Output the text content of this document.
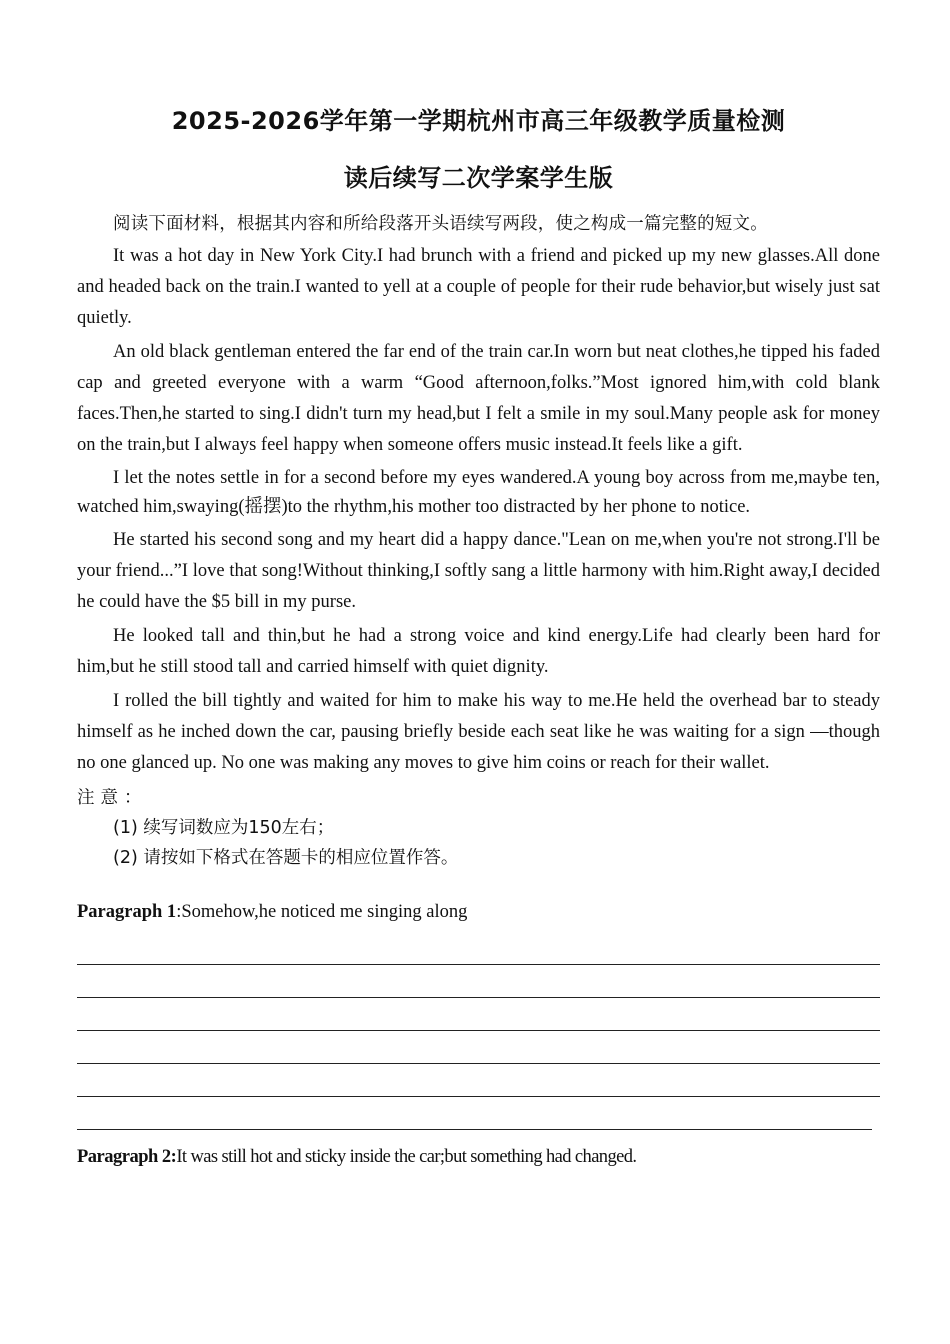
2025-2026学年第一学期杭州市高三年级教学质量检测
读后续写二次学案学生版
阅读下面材料，根据其内容和所给段落开头语续写两段，使之构成一篇完整的短文。

It was a hot day in New York City.I had brunch with a friend and picked up my new glasses.All done and headed back on the train.I wanted to yell at a couple of people for their rude behavior,but wisely just sat quietly.

An old black gentleman entered the far end of the train car.In worn but neat clothes,he tipped his faded cap and greeted everyone with a warm “Good afternoon,folks.”Most ignored him,with cold blank faces.Then,he started to sing.I didn't turn my head,but I felt a smile in my soul.Many people ask for money on the train,but I always feel happy when someone offers music instead.It feels like a gift.

I let the notes settle in for a second before my eyes wandered.A young boy across from me,maybe ten, watched him,swaying(摇摆)to the rhythm,his mother too distracted by her phone to notice.

He started his second song and my heart did a happy dance."Lean on me,when you're not strong.I'll be your friend...”I love that song!Without thinking,I softly sang a little harmony with him.Right away,I decided he could have the $5 bill in my purse.

He looked tall and thin,but he had a strong voice and kind energy.Life had clearly been hard for him,but he still stood tall and carried himself with quiet dignity.

I rolled the bill tightly and waited for him to make his way to me.He held the overhead bar to steady himself as he inched down the car, pausing briefly beside each seat like he was waiting for a sign —though no one glanced up. No one was making any moves to give him coins or reach for their wallet.

注意：
(1) 续写词数应为150左右；
(2) 请按如下格式在答题卡的相应位置作答。
Paragraph 1:Somehow,he noticed me singing along
Paragraph 2:It was still hot and sticky inside the car;but something had changed.
